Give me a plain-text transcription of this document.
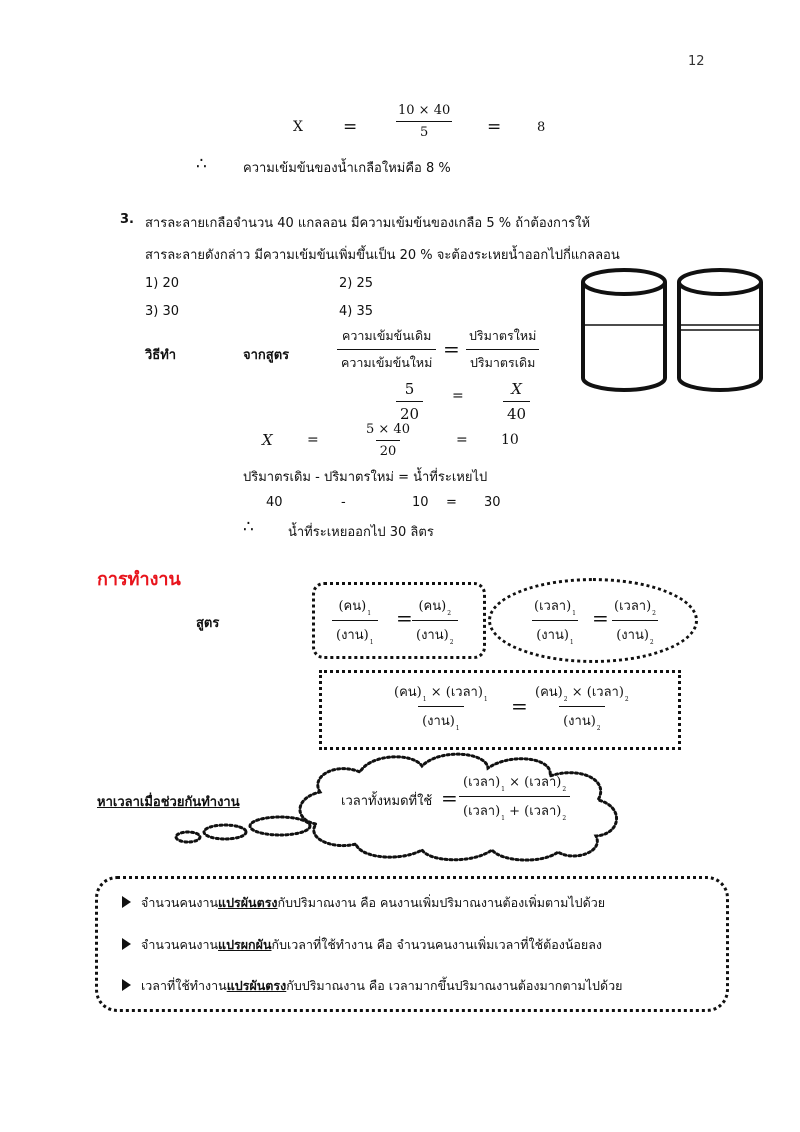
12
X =	$\frac{10 \times 40}{5}$ =	8
∴	ความเข้มข้นของน้ำเกลือใหม่คือ 8 %
3. สารละลายเกลือจำนวน 40 แกลลอน มีความเข้มข้นของเกลือ 5 % ถ้าต้องการให้
สารละลายดังกล่าว มีความเข้มข้นเพิ่มขึ้นเป็น 20 % จะต้องระเหยน้ำออกไปกี่แกลลอน
1) 20	2) 25
3) 30	4) 35
วิธีทำ	จากสูตร
ความเข้มข้นเดิม
ความเข้มข้นใหม่
=
ปริมาตรใหม่
ปริมาตรเดิม
$\frac{5}{20}$ =	$\frac{X}{40}$
X =	$\frac{5 \times 40}{20}$	= 10
ปริมาตรเดิม - ปริมาตรใหม่ = น้ำที่ระเหยไป
40	-	10 = 30
∴	น้ำที่ระเหยออกไป 30 ลิตร
การทำงาน
สูตร
(คน)$_1$
(งาน)$_1$
= (คน)$_2$
(งาน)$_2$
(เวลา)$_1$
(งาน)$_1$
= (เวลา)$_2$
(งาน)$_2$
(คน)$_1$ × (เวลา)$_1$
(งาน)$_1$
=
(คน)$_2$ × (เวลา)$_2$
(งาน)$_2$
หาเวลาเมื่อช่วยกันทำงาน	เวลาทั้งหมดที่ใช้ =
(เวลา)$_1$ × (เวลา)$_2$
(เวลา)$_1$ + (เวลา)$_2$
จำนวนคนงานแปรผันตรงกับปริมาณงาน คือ คนงานเพิ่มปริมาณงานต้องเพิ่มตามไปด้วย
จำนวนคนงานแปรผกผันกับเวลาที่ใช้ทำงาน คือ จำนวนคนงานเพิ่มเวลาที่ใช้ต้องน้อยลง
เวลาที่ใช้ทำงานแปรผันตรงกับปริมาณงาน คือ เวลามากขึ้นปริมาณงานต้องมากตามไปด้วย
